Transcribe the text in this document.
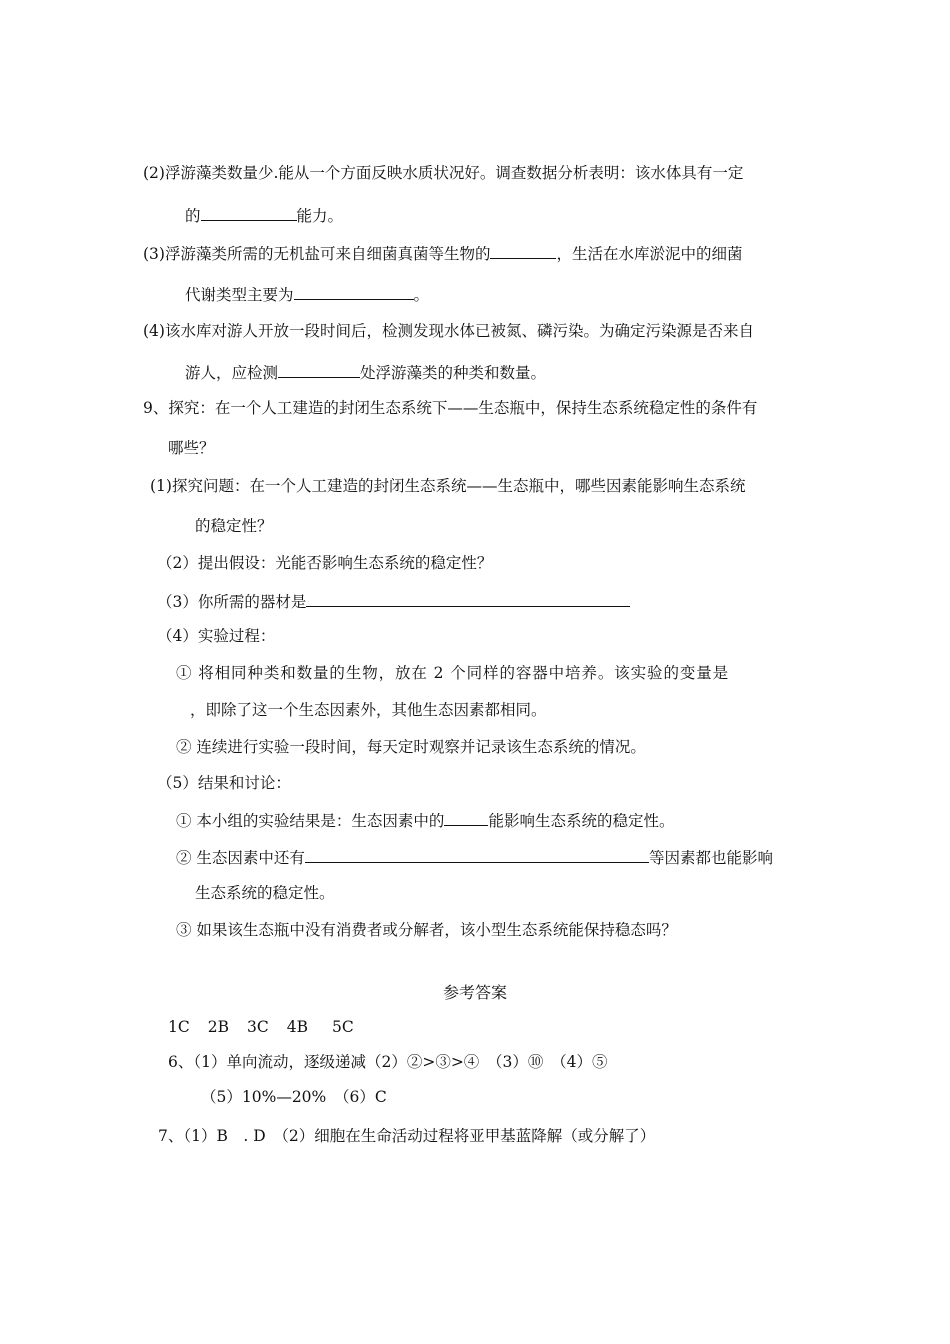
(2)浮游藻类数量少.能从一个方面反映水质状况好。调查数据分析表明：该水体具有一定
的	能力。
(3)浮游藻类所需的无机盐可来自细菌真菌等生物的	，生活在水库淤泥中的细菌
代谢类型主要为	。
(4)该水库对游人开放一段时间后，检测发现水体已被氮、磷污染。为确定污染源是否来自
游人，应检测	处浮游藻类的种类和数量。
9、探究：在一个人工建造的封闭生态系统下——生态瓶中，保持生态系统稳定性的条件有
哪些？
(1)探究问题：在一个人工建造的封闭生态系统——生态瓶中，哪些因素能影响生态系统
的稳定性？
（2）提出假设：光能否影响生态系统的稳定性？
（3）你所需的器材是
（4）实验过程：
① 将相同种类和数量的生物，放在 2 个同样的容器中培养。该实验的变量是
，即除了这一个生态因素外，其他生态因素都相同。
② 连续进行实验一段时间，每天定时观察并记录该生态系统的情况。
（5）结果和讨论：
① 本小组的实验结果是：生态因素中的	能影响生态系统的稳定性。
② 生态因素中还有	等因素都也能影响
生态系统的稳定性。
③ 如果该生态瓶中没有消费者或分解者，该小型生态系统能保持稳态吗？
参考答案
1C 2B 3C 4B 5C
6、（1）单向流动，逐级递减（2）②>③>④　（3）⑩　（4）⑤
（5）10%—20%　（6）C
7、（1）B　. D　（2）细胞在生命活动过程将亚甲基蓝降解（或分解了）
